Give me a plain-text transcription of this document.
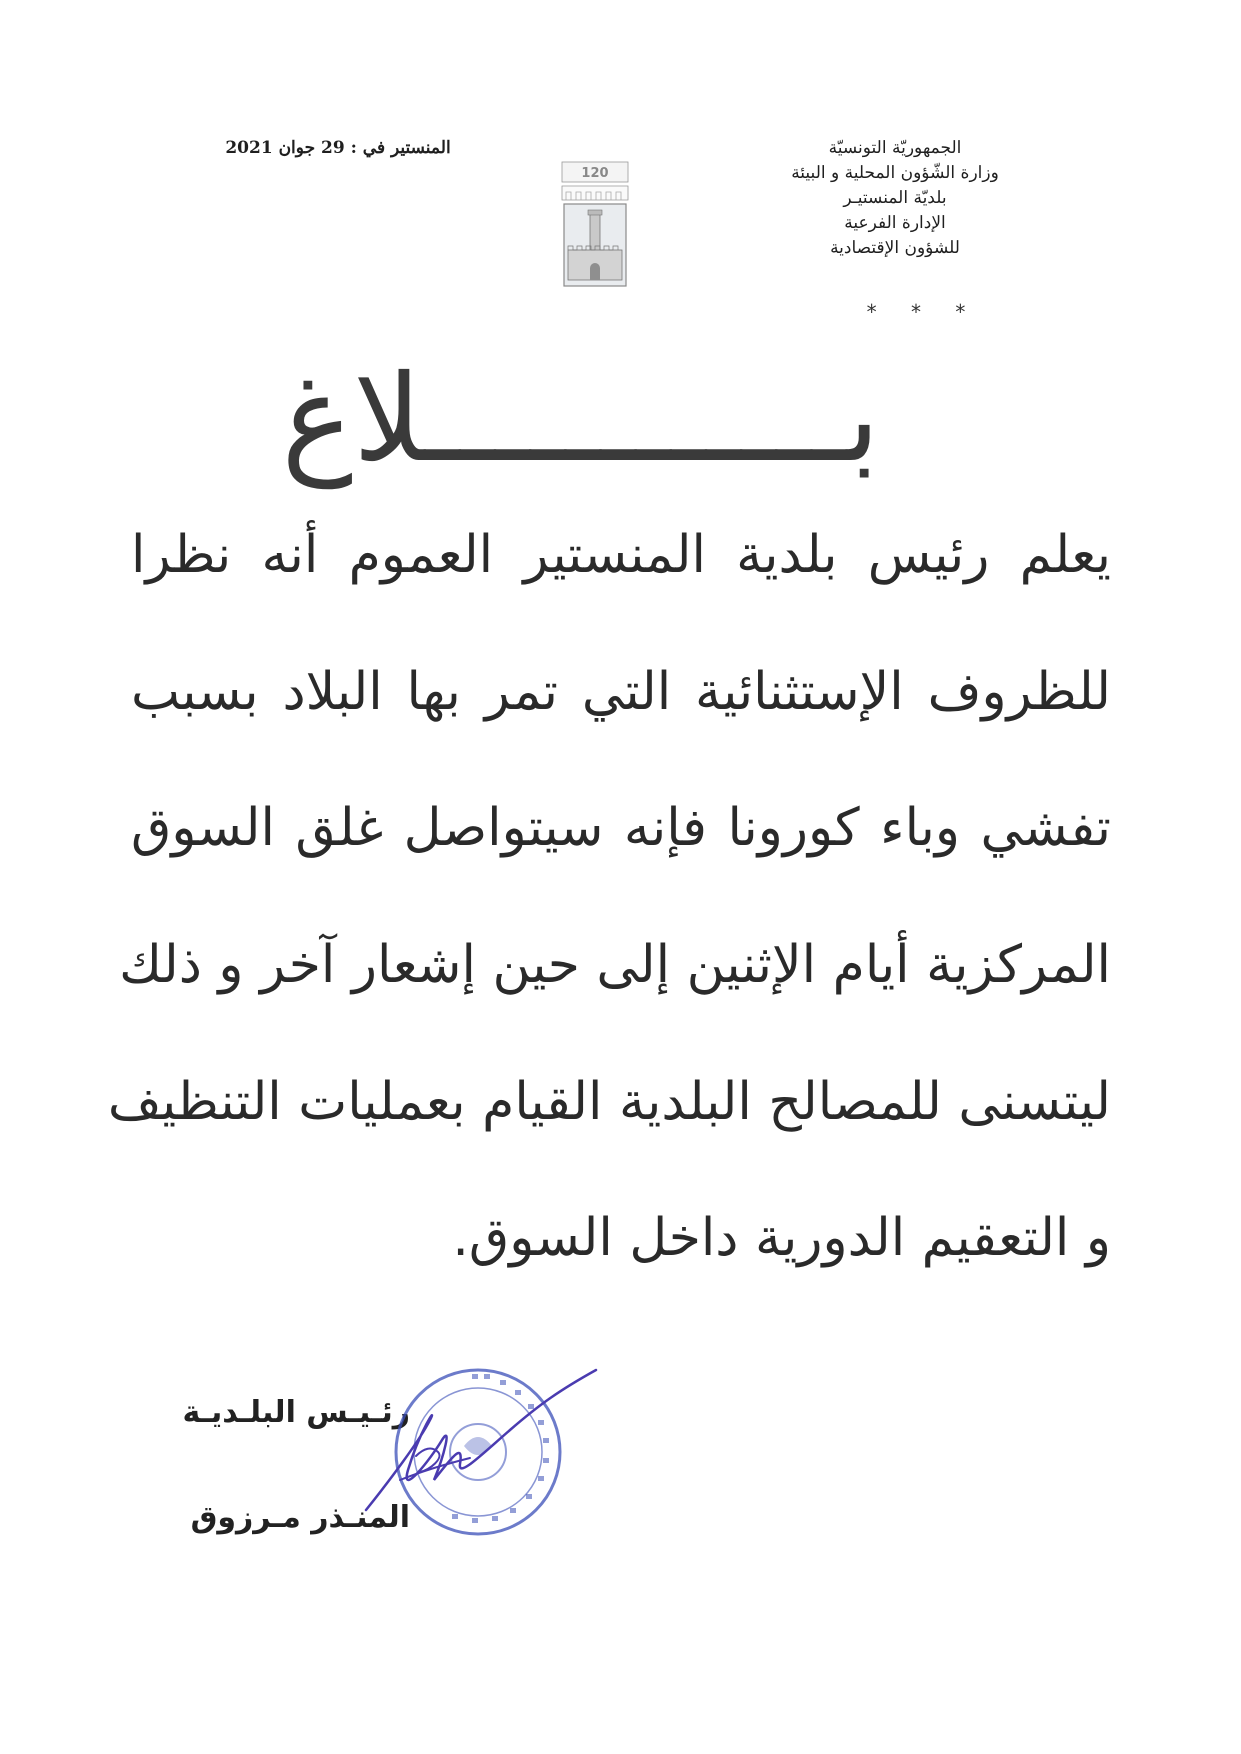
الجمهوريّة التونسيّة
وزارة الشّؤون المحلية و البيئة
بلديّة المنستيـر
الإدارة الفرعية
للشؤون الإقتصادية
* * *
المنستير في : 29 جوان 2021
120
بــــــــــــلاغ
يعلم رئيس بلدية المنستير العموم أنه نظرا
للظروف الإستثنائية التي تمر بها البلاد بسبب
تفشي وباء كورونا فإنه سيتواصل غلق السوق
المركزية أيام الإثنين إلى حين إشعار آخر و ذلك
ليتسنى للمصالح البلدية القيام بعمليات التنظيف
و التعقيم الدورية داخل السوق.
رئـيـس البلـديـة
المنـذر مـرزوق
